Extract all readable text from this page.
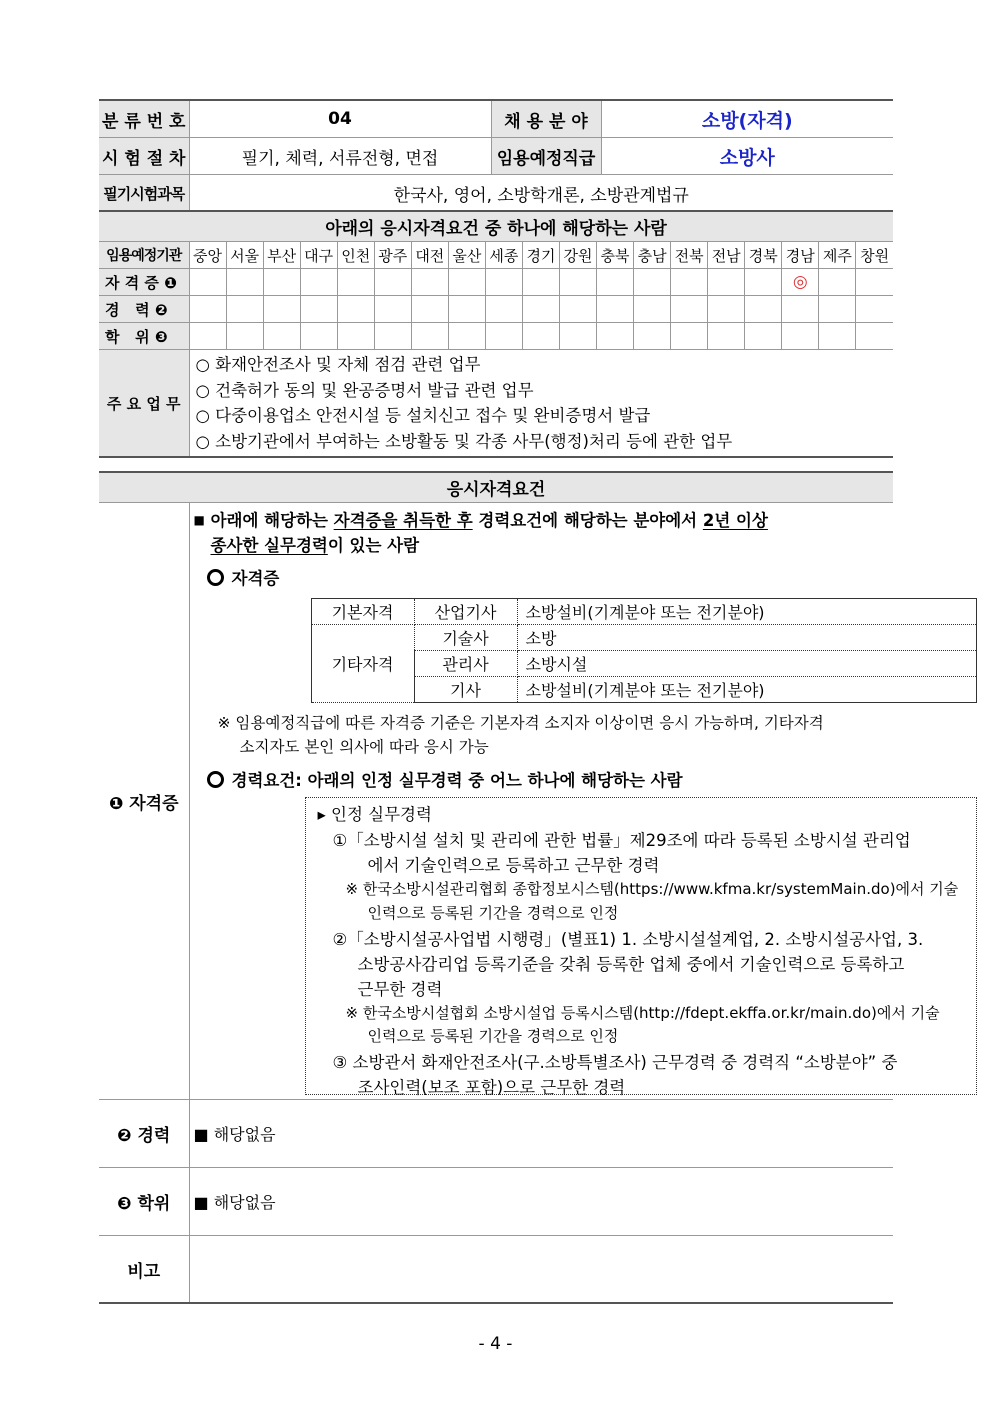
분 류 번 호	04	채 용 분 야	소방(자격)
시 험 절 차	필기, 체력, 서류전형, 면접	임용예정직급	소방사
필기시험과목	한국사, 영어, 소방학개론, 소방관계법규		
아래의 응시자격요건 중 하나에 해당하는 사람																			
임용예정기관	중앙	서울	부산	대구	인천	광주	대전	울산	세종	경기	강원	충북	충남	전북	전남	경북	경남	제주	창원
자 격 증 ❶																	◎		
경   력 ❷																			
학   위 ❸																			
주 요 업 무	○ 화재안전조사 및 자체 점검 관련 업무
○ 건축허가 동의 및 완공증명서 발급 관련 업무
○ 다중이용업소 안전시설 등 설치신고 접수 및 완비증명서 발급
○ 소방기관에서 부여하는 소방활동 및 각종 사무(행정)처리 등에 관한 업무																		
응시자격요건
❶ 자격증	
■ 아래에 해당하는 자격증을 취득한 후 경력요건에 해당하는 분야에서 2년 이상
종사한 실무경력이 있는 사람
자격증
기본자격	산업기사	소방설비(기계분야 또는 전기분야)
기타자격	기술사	소방
관리사	소방시설
기사	소방설비(기계분야 또는 전기분야)
※ 임용예정직급에 따른 자격증 기준은 기본자격 소지자 이상이면 응시 가능하며, 기타자격
소지자도 본인 의사에 따라 응시 가능
경력요건: 아래의 인정 실무경력 중 어느 하나에 해당하는 사람
▸ 인정 실무경력
①「소방시설 설치 및 관리에 관한 법률」제29조에 따라 등록된 소방시설 관리업
에서 기술인력으로 등록하고 근무한 경력
※ 한국소방시설관리협회 종합정보시스템(https://www.kfma.kr/systemMain.do)에서 기술
인력으로 등록된 기간을 경력으로 인정
②「소방시설공사업법 시행령」(별표1) 1. 소방시설설계업, 2. 소방시설공사업, 3.
소방공사감리업 등록기준을 갖춰 등록한 업체 중에서 기술인력으로 등록하고
근무한 경력
※ 한국소방시설협회 소방시설업 등록시스템(http://fdept.ekffa.or.kr/main.do)에서 기술
인력으로 등록된 기간을 경력으로 인정
③ 소방관서 화재안전조사(구.소방특별조사) 근무경력 중 경력직 “소방분야” 중
조사인력(보조 포함)으로 근무한 경력

❷ 경력	■ 해당없음
❸ 학위	■ 해당없음
비고	
- 4 -
